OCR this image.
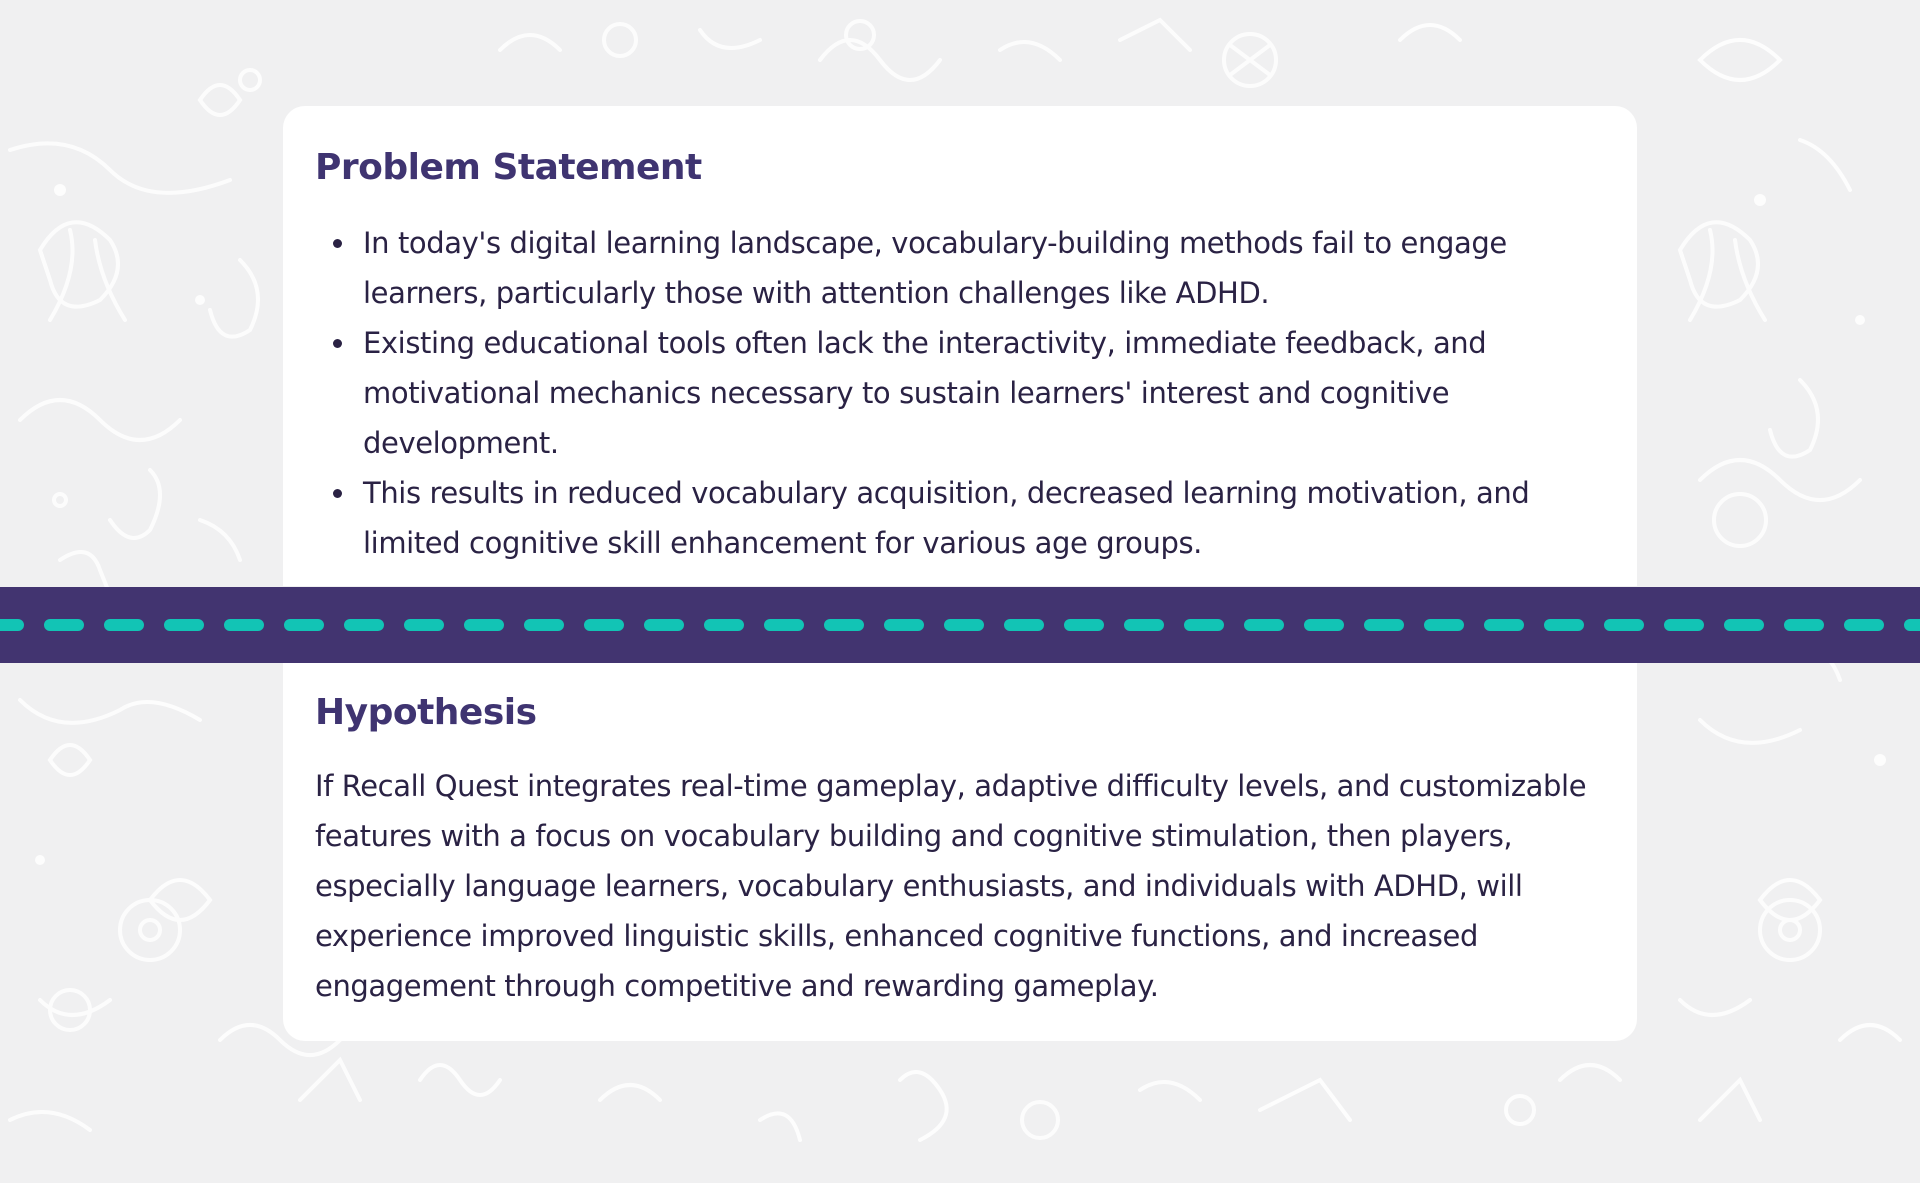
Problem Statement
In today's digital learning landscape, vocabulary-building methods fail to engage learners, particularly those with attention challenges like ADHD.
Existing educational tools often lack the interactivity, immediate feedback, and motivational mechanics necessary to sustain learners' interest and cognitive development.
This results in reduced vocabulary acquisition, decreased learning motivation, and limited cognitive skill enhancement for various age groups.
Hypothesis

If Recall Quest integrates real-time gameplay, adaptive difficulty levels, and customizable features with a focus on vocabulary building and cognitive stimulation, then players, especially language learners, vocabulary enthusiasts, and individuals with ADHD, will experience improved linguistic skills, enhanced cognitive functions, and increased engagement through competitive and rewarding gameplay.
